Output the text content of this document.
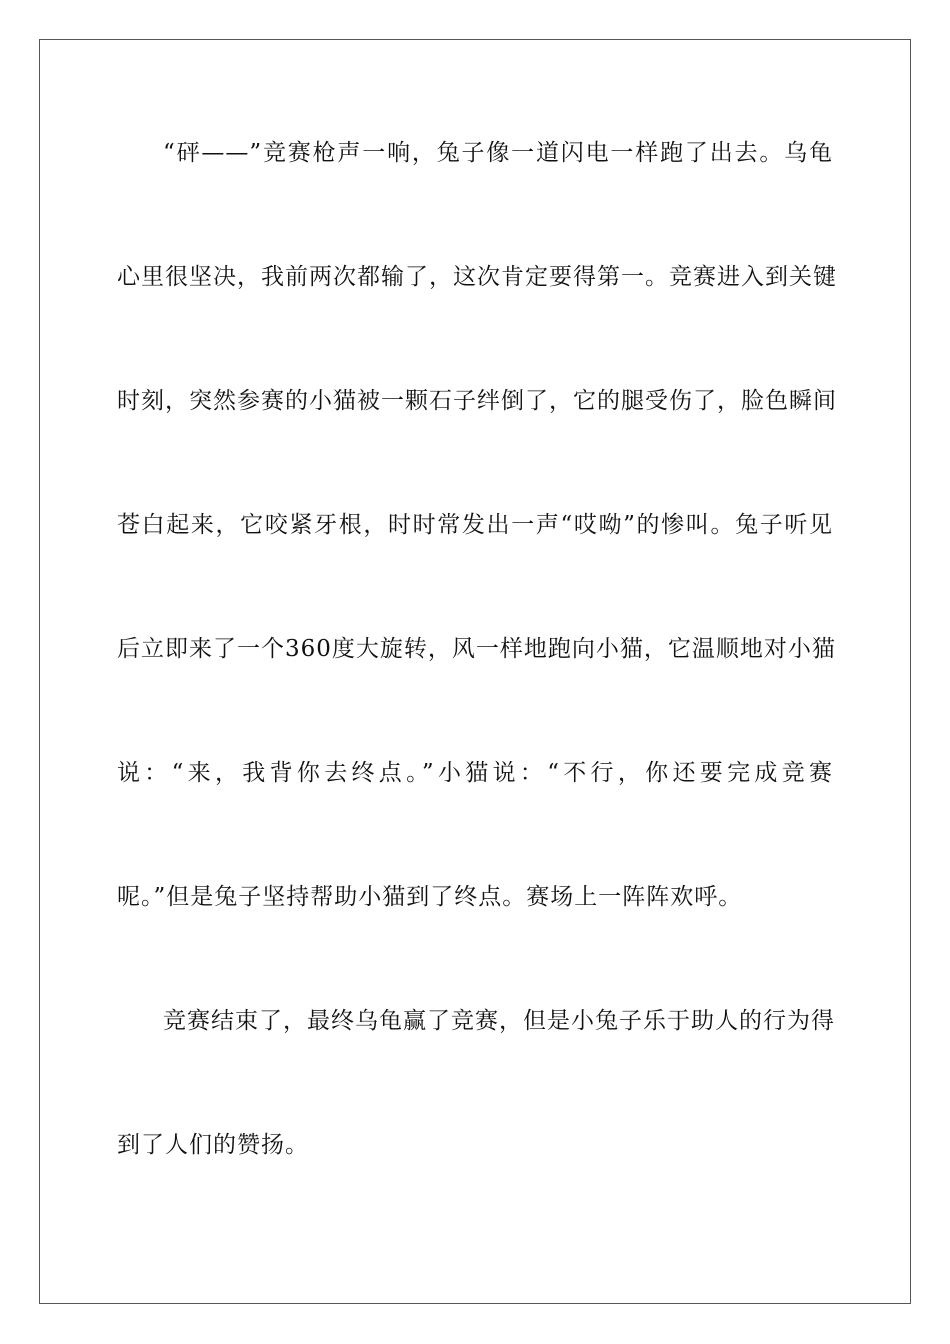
“砰——”竞赛枪声一响，兔子像一道闪电一样跑了出去。乌龟
心里很坚决，我前两次都输了，这次肯定要得第一。竞赛进入到关键
时刻，突然参赛的小猫被一颗石子绊倒了，它的腿受伤了，脸色瞬间
苍白起来，它咬紧牙根，时时常发出一声“哎呦”的惨叫。兔子听见
后立即来了一个360度大旋转，风一样地跑向小猫，它温顺地对小猫
说：“来，我背你去终点。”小猫说：“不行，你还要完成竞赛
呢。”但是兔子坚持帮助小猫到了终点。赛场上一阵阵欢呼。
竞赛结束了，最终乌龟赢了竞赛，但是小兔子乐于助人的行为得
到了人们的赞扬。
